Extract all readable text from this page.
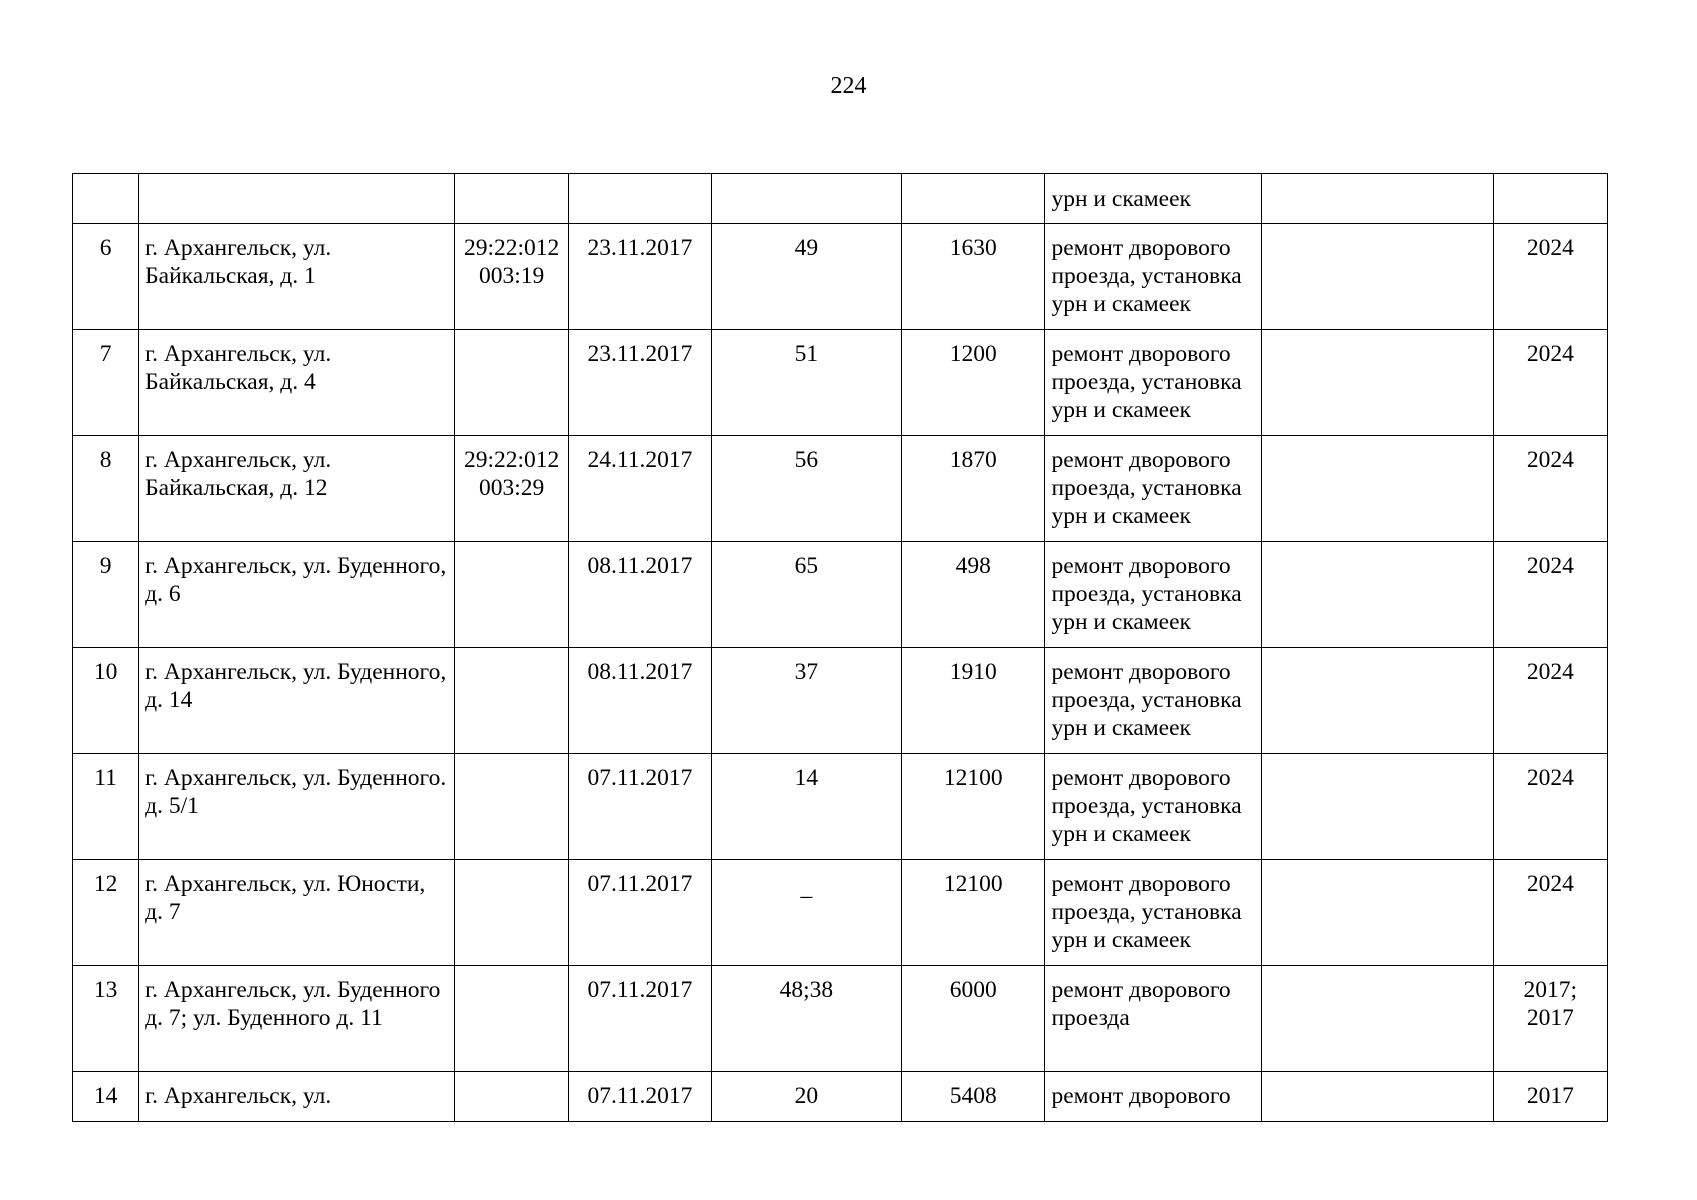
224
						урн и скамеек		
6	г. Архангельск, ул. Байкальская, д. 1	29:22:012 003:19	23.11.2017	49	1630	ремонт дворового проезда, установка урн и скамеек		2024
7	г. Архангельск, ул. Байкальская, д. 4		23.11.2017	51	1200	ремонт дворового проезда, установка урн и скамеек		2024
8	г. Архангельск, ул. Байкальская, д. 12	29:22:012 003:29	24.11.2017	56	1870	ремонт дворового проезда, установка урн и скамеек		2024
9	г. Архангельск, ул. Буденного, д. 6		08.11.2017	65	498	ремонт дворового проезда, установка урн и скамеек		2024
10	г. Архангельск, ул. Буденного, д. 14		08.11.2017	37	1910	ремонт дворового проезда, установка урн и скамеек		2024
11	г. Архангельск, ул. Буденного. д. 5/1		07.11.2017	14	12100	ремонт дворового проезда, установка урн и скамеек		2024
12	г. Архангельск, ул. Юности, д. 7		07.11.2017	_	12100	ремонт дворового проезда, установка урн и скамеек		2024
13	г. Архангельск, ул. Буденного д. 7; ул. Буденного д. 11		07.11.2017	48;38	6000	ремонт дворового проезда		2017; 2017
14	г. Архангельск, ул.		07.11.2017	20	5408	ремонт дворового		2017
